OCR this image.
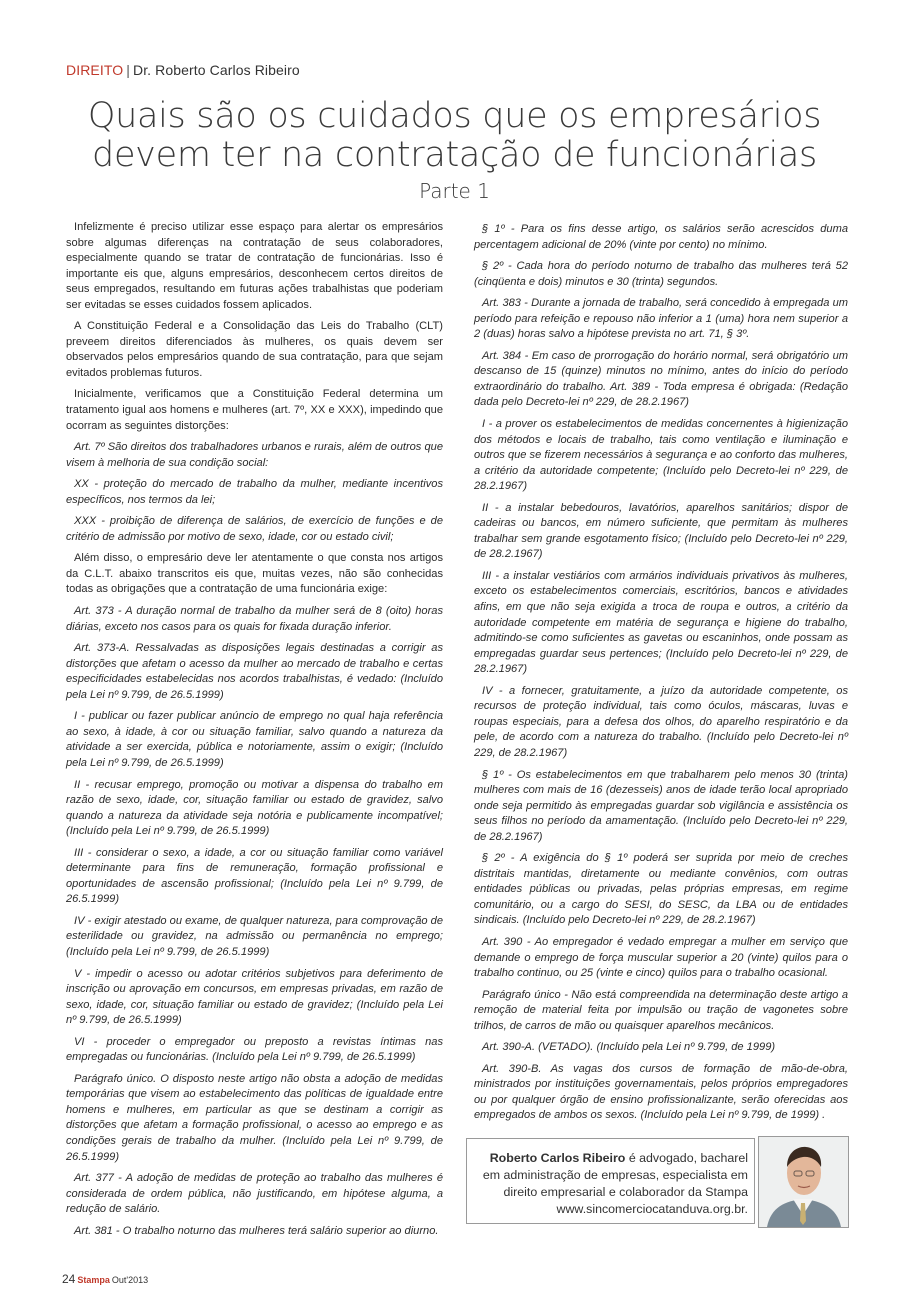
DIREITO | Dr. Roberto Carlos Ribeiro
Quais são os cuidados que os empresários
devem ter na contratação de funcionárias
Parte 1

Infelizmente é preciso utilizar esse espaço para alertar os empresários sobre algumas diferenças na contratação de seus colaboradores, especialmente quando se tratar de contratação de funcionárias. Isso é importante eis que, alguns empresários, desconhecem certos direitos de seus empregados, resultando em futuras ações trabalhistas que poderiam ser evitadas se esses cuidados fossem aplicados.

A Constituição Federal e a Consolidação das Leis do Trabalho (CLT) preveem direitos diferenciados às mulheres, os quais devem ser observados pelos empresários quando de sua contratação, para que sejam evitados problemas futuros.

Inicialmente, verificamos que a Constituição Federal determina um tratamento igual aos homens e mulheres (art. 7º, XX e XXX), impedindo que ocorram as seguintes distorções:

Art. 7º São direitos dos trabalhadores urbanos e rurais, além de outros que visem à melhoria de sua condição social:

XX - proteção do mercado de trabalho da mulher, mediante incentivos específicos, nos termos da lei;

XXX - proibição de diferença de salários, de exercício de funções e de critério de admissão por motivo de sexo, idade, cor ou estado civil;

Além disso, o empresário deve ler atentamente o que consta nos artigos da C.L.T. abaixo transcritos eis que, muitas vezes, não são conhecidas todas as obrigações que a contratação de uma funcionária exige:

Art. 373 - A duração normal de trabalho da mulher será de 8 (oito) horas diárias, exceto nos casos para os quais for fixada duração inferior.

Art. 373-A. Ressalvadas as disposições legais destinadas a corrigir as distorções que afetam o acesso da mulher ao mercado de trabalho e certas especificidades estabelecidas nos acordos trabalhistas, é vedado: (Incluído pela Lei nº 9.799, de 26.5.1999)

I - publicar ou fazer publicar anúncio de emprego no qual haja referência ao sexo, à idade, à cor ou situação familiar, salvo quando a natureza da atividade a ser exercida, pública e notoriamente, assim o exigir; (Incluído pela Lei nº 9.799, de 26.5.1999)

II - recusar emprego, promoção ou motivar a dispensa do trabalho em razão de sexo, idade, cor, situação familiar ou estado de gravidez, salvo quando a natureza da atividade seja notória e publicamente incompatível; (Incluído pela Lei nº 9.799, de 26.5.1999)

III - considerar o sexo, a idade, a cor ou situação familiar como variável determinante para fins de remuneração, formação profissional e oportunidades de ascensão profissional; (Incluído pela Lei nº 9.799, de 26.5.1999)

IV - exigir atestado ou exame, de qualquer natureza, para comprovação de esterilidade ou gravidez, na admissão ou permanência no emprego; (Incluído pela Lei nº 9.799, de 26.5.1999)

V - impedir o acesso ou adotar critérios subjetivos para deferimento de inscrição ou aprovação em concursos, em empresas privadas, em razão de sexo, idade, cor, situação familiar ou estado de gravidez; (Incluído pela Lei nº 9.799, de 26.5.1999)

VI - proceder o empregador ou preposto a revistas íntimas nas empregadas ou funcionárias. (Incluído pela Lei nº 9.799, de 26.5.1999)

Parágrafo único. O disposto neste artigo não obsta a adoção de medidas temporárias que visem ao estabelecimento das políticas de igualdade entre homens e mulheres, em particular as que se destinam a corrigir as distorções que afetam a formação profissional, o acesso ao emprego e as condições gerais de trabalho da mulher. (Incluído pela Lei nº 9.799, de 26.5.1999)

Art. 377 - A adoção de medidas de proteção ao trabalho das mulheres é considerada de ordem pública, não justificando, em hipótese alguma, a redução de salário.

Art. 381 - O trabalho noturno das mulheres terá salário superior ao diurno.

§ 1º - Para os fins desse artigo, os salários serão acrescidos duma percentagem adicional de 20% (vinte por cento) no mínimo.

§ 2º - Cada hora do período noturno de trabalho das mulheres terá 52 (cinqüenta e dois) minutos e 30 (trinta) segundos.

Art. 383 - Durante a jornada de trabalho, será concedido à empregada um período para refeição e repouso não inferior a 1 (uma) hora nem superior a 2 (duas) horas salvo a hipótese prevista no art. 71, § 3º.

Art. 384 - Em caso de prorrogação do horário normal, será obrigatório um descanso de 15 (quinze) minutos no mínimo, antes do início do período extraordinário do trabalho. Art. 389 - Toda empresa é obrigada: (Redação dada pelo Decreto-lei nº 229, de 28.2.1967)

I - a prover os estabelecimentos de medidas concernentes à higienização dos métodos e locais de trabalho, tais como ventilação e iluminação e outros que se fizerem necessários à segurança e ao conforto das mulheres, a critério da autoridade competente; (Incluído pelo Decreto-lei nº 229, de 28.2.1967)

II - a instalar bebedouros, lavatórios, aparelhos sanitários; dispor de cadeiras ou bancos, em número suficiente, que permitam às mulheres trabalhar sem grande esgotamento físico; (Incluído pelo Decreto-lei nº 229, de 28.2.1967)

III - a instalar vestiários com armários individuais privativos às mulheres, exceto os estabelecimentos comerciais, escritórios, bancos e atividades afins, em que não seja exigida a troca de roupa e outros, a critério da autoridade competente em matéria de segurança e higiene do trabalho, admitindo-se como suficientes as gavetas ou escaninhos, onde possam as empregadas guardar seus pertences; (Incluído pelo Decreto-lei nº 229, de 28.2.1967)

IV - a fornecer, gratuitamente, a juízo da autoridade competente, os recursos de proteção individual, tais como óculos, máscaras, luvas e roupas especiais, para a defesa dos olhos, do aparelho respiratório e da pele, de acordo com a natureza do trabalho. (Incluído pelo Decreto-lei nº 229, de 28.2.1967)

§ 1º - Os estabelecimentos em que trabalharem pelo menos 30 (trinta) mulheres com mais de 16 (dezesseis) anos de idade terão local apropriado onde seja permitido às empregadas guardar sob vigilância e assistência os seus filhos no período da amamentação. (Incluído pelo Decreto-lei nº 229, de 28.2.1967)

§ 2º - A exigência do § 1º poderá ser suprida por meio de creches distritais mantidas, diretamente ou mediante convênios, com outras entidades públicas ou privadas, pelas próprias empresas, em regime comunitário, ou a cargo do SESI, do SESC, da LBA ou de entidades sindicais. (Incluído pelo Decreto-lei nº 229, de 28.2.1967)

Art. 390 - Ao empregador é vedado empregar a mulher em serviço que demande o emprego de força muscular superior a 20 (vinte) quilos para o trabalho continuo, ou 25 (vinte e cinco) quilos para o trabalho ocasional.

Parágrafo único - Não está compreendida na determinação deste artigo a remoção de material feita por impulsão ou tração de vagonetes sobre trilhos, de carros de mão ou quaisquer aparelhos mecânicos.

Art. 390-A. (VETADO). (Incluído pela Lei nº 9.799, de 1999)

Art. 390-B. As vagas dos cursos de formação de mão-de-obra, ministrados por instituições governamentais, pelos próprios empregadores ou por qualquer órgão de ensino profissionalizante, serão oferecidas aos empregados de ambos os sexos. (Incluído pela Lei nº 9.799, de 1999) .

Roberto Carlos Ribeiro é advogado, bacharel em administração de empresas, especialista em direito empresarial e colaborador da Stampa
www.sincomerciocatanduva.org.br.
24 Stampa Out'2013
